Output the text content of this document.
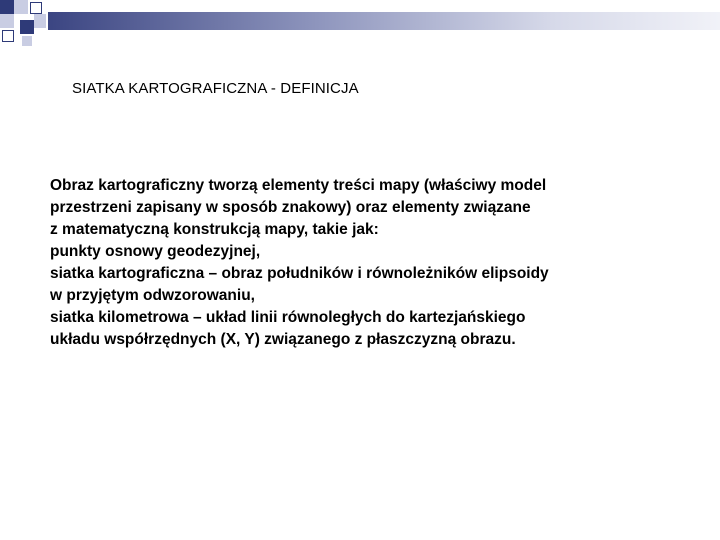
SIATKA KARTOGRAFICZNA - DEFINICJA
Obraz kartograficzny tworzą elementy treści mapy (właściwy model
przestrzeni zapisany w sposób znakowy) oraz elementy związane
z matematyczną konstrukcją mapy, takie jak:
punkty osnowy geodezyjnej,
siatka kartograficzna – obraz południków i równoleżników elipsoidy
w przyjętym odwzorowaniu,
siatka kilometrowa – układ linii równoległych do kartezjańskiego
układu współrzędnych (X, Y) związanego z płaszczyzną obrazu.
